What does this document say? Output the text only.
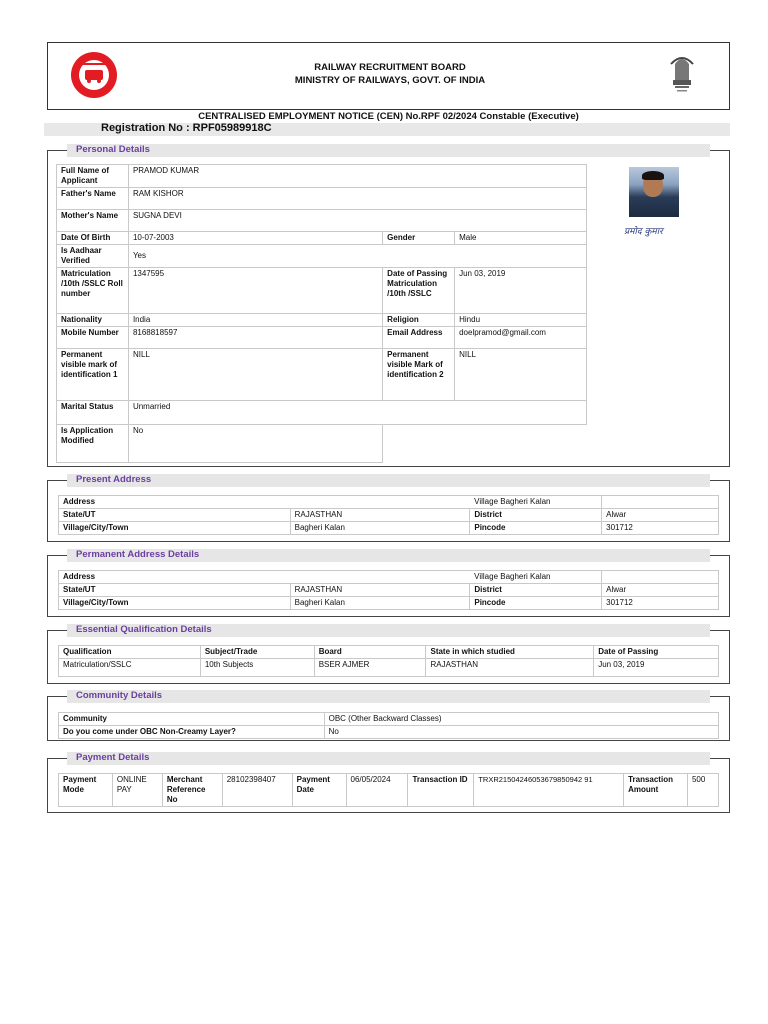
RAILWAY RECRUITMENT BOARD
MINISTRY OF RAILWAYS, GOVT. OF INDIA
CENTRALISED EMPLOYMENT NOTICE (CEN) No.RPF 02/2024 Constable (Executive)
Registration No : RPF05989918C
Personal Details
Full Name of Applicant	PRAMOD KUMAR		
Father's Name	RAM KISHOR		
Mother's Name	SUGNA DEVI		
Date Of Birth	10-07-2003	Gender	Male
Is Aadhaar Verified	Yes		
Matriculation /10th /SSLC Roll number	1347595	Date of Passing Matriculation /10th /SSLC	Jun 03, 2019
Nationality	India	Religion	Hindu
Mobile Number	8168818597	Email Address	doelpramod@gmail.com
Permanent visible mark of identification 1	NILL	Permanent visible Mark of identification 2	NILL
Marital Status	Unmarried		
Is Application Modified	No		
प्रमोद कुमार
Present Address
Address			Village Bagheri Kalan

State/UT	RAJASTHAN	District	Alwar
Village/City/Town	Bagheri Kalan	Pincode	301712
Permanent Address Details
Address			Village Bagheri Kalan

State/UT	RAJASTHAN	District	Alwar
Village/City/Town	Bagheri Kalan	Pincode	301712
Essential Qualification Details
Qualification	Subject/Trade	Board	State in which studied	Date of Passing
Matriculation/SSLC	10th Subjects	BSER AJMER	RAJASTHAN	Jun 03, 2019
Community Details
Community	OBC (Other Backward Classes)
Do you come under OBC Non-Creamy Layer?	No
Payment Details
Payment Mode	ONLINE PAY	Merchant Reference No	28102398407	Payment Date	06/05/2024	Transaction ID	TRXR21504246053679850942 91	Transaction Amount	500
